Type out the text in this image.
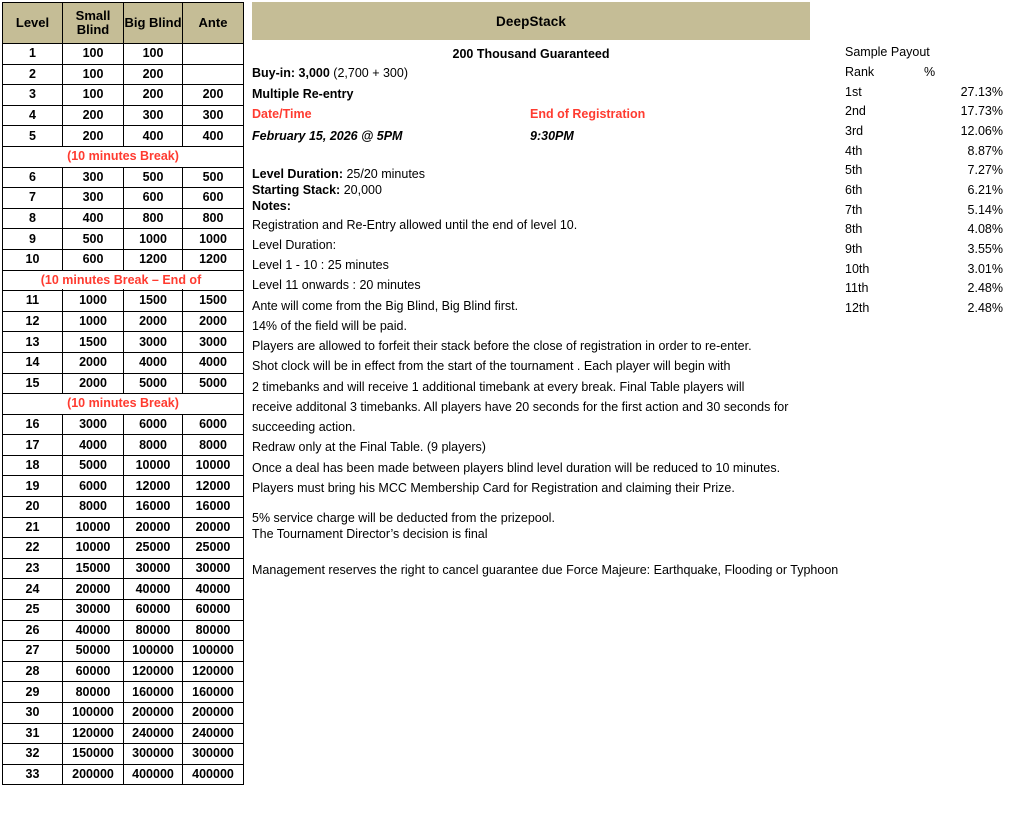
Level	Small Blind	Big Blind	Ante
1	100	100	
2	100	200	
3	100	200	200
4	200	300	300
5	200	400	400
(10 minutes Break)			
6	300	500	500
7	300	600	600
8	400	800	800
9	500	1000	1000
10	600	1200	1200

(10 minutes Break – End of			

11	1000	1500	1500
12	1000	2000	2000
13	1500	3000	3000
14	2000	4000	4000
15	2000	5000	5000
(10 minutes Break)			
16	3000	6000	6000
17	4000	8000	8000
18	5000	10000	10000
19	6000	12000	12000
20	8000	16000	16000
21	10000	20000	20000
22	10000	25000	25000
23	15000	30000	30000
24	20000	40000	40000
25	30000	60000	60000
26	40000	80000	80000
27	50000	100000	100000
28	60000	120000	120000
29	80000	160000	160000
30	100000	200000	200000
31	120000	240000	240000
32	150000	300000	300000
33	200000	400000	400000
DeepStack
200 Thousand Guaranteed
Buy-in: 3,000 (2,700 + 300)
Multiple Re-entry
Date/Time	End of Registration
February 15, 2026 @ 5PM	9:30PM
Level Duration: 25/20 minutes
Starting Stack: 20,000
Notes:
Registration and Re-Entry allowed until the end of level 10.
Level Duration:
Level 1 - 10 : 25 minutes
Level 11 onwards : 20 minutes
Ante will come from the Big Blind, Big Blind first.
14% of the field will be paid.
Players are allowed to forfeit their stack before the close of registration in order to re-enter.
Shot clock will be in effect from the start of the tournament . Each player will begin with
2 timebanks and will receive 1 additional timebank at every break. Final Table players will
receive additonal 3 timebanks. All players have 20 seconds for the first action and 30 seconds for
succeeding action.
Redraw only at the Final Table. (9 players)
Once a deal has been made between players blind level duration will be reduced to 10 minutes.
Players must bring his MCC Membership Card for Registration and claiming their Prize.
5% service charge will be deducted from the prizepool.
The Tournament Director’s decision is final
Management reserves the right to cancel guarantee due Force Majeure: Earthquake, Flooding or Typhoon
Sample Payout
Rank	%
1st	27.13%
2nd	17.73%
3rd	12.06%
4th	8.87%
5th	7.27%
6th	6.21%
7th	5.14%
8th	4.08%
9th	3.55%
10th	3.01%
11th	2.48%
12th	2.48%
